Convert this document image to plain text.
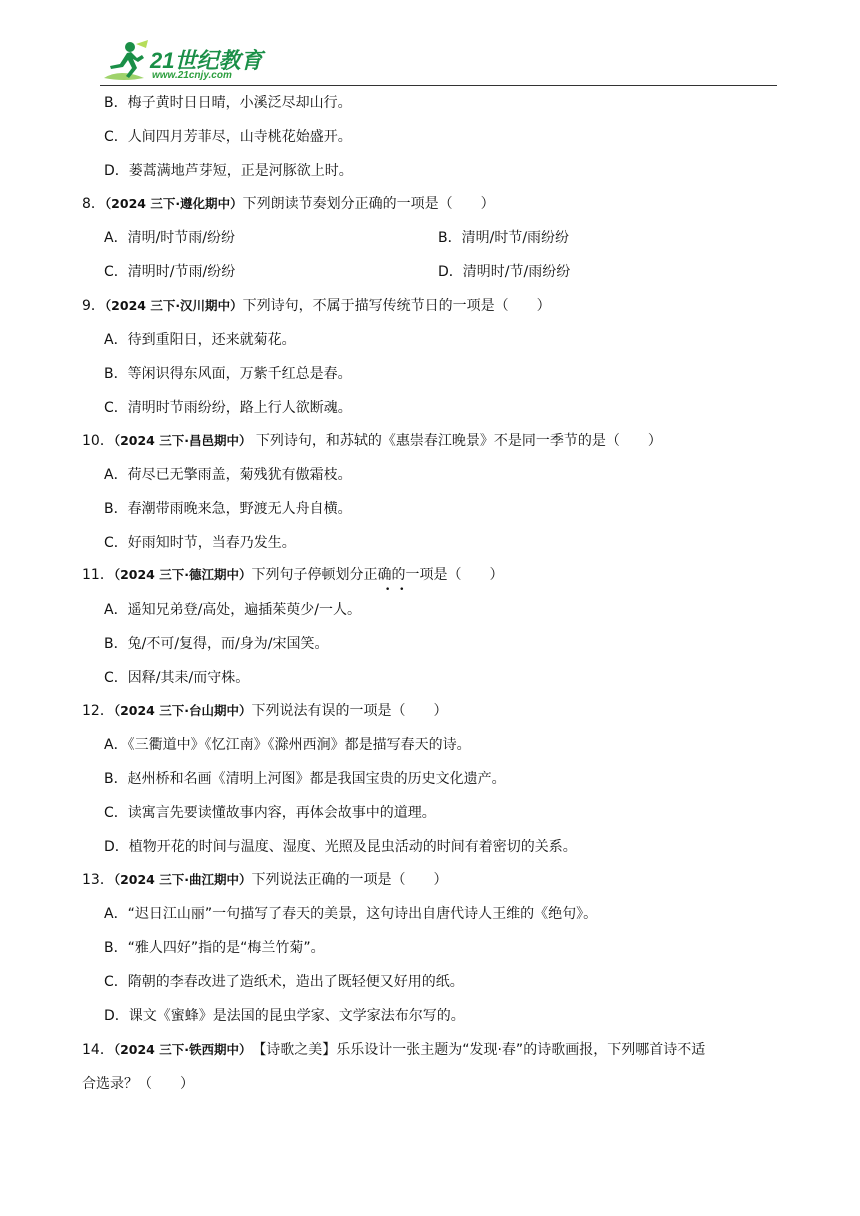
21世纪教育
www.21cnjy.com
B．梅子黄时日日晴，小溪泛尽却山行。
C．人间四月芳菲尽，山寺桃花始盛开。
D．蒌蒿满地芦芽短，正是河豚欲上时。
8．（2024 三下·遵化期中）下列朗读节奏划分正确的一项是（　　）
A．清明/时节雨/纷纷	B．清明/时节/雨纷纷
C．清明时/节雨/纷纷	D．清明时/节/雨纷纷
9．（2024 三下·汉川期中）下列诗句，不属于描写传统节日的一项是（　　）
A．待到重阳日，还来就菊花。
B．等闲识得东风面，万紫千红总是春。
C．清明时节雨纷纷，路上行人欲断魂。
10．（2024 三下·昌邑期中） 下列诗句，和苏轼的《惠崇春江晚景》不是同一季节的是（　　）
A．荷尽已无擎雨盖，菊残犹有傲霜枝。
B．春潮带雨晚来急，野渡无人舟自横。
C．好雨知时节，当春乃发生。
11．（2024 三下·德江期中）下列句子停顿划分正确的一项是（　　）
• •
A．遥知兄弟登/高处，遍插茱萸少/一人。
B．兔/不可/复得，而/身为/宋国笑。
C．因释/其耒/而守株。
12．（2024 三下·台山期中）下列说法有误的一项是（　　）
A．《三衢道中》《忆江南》《滁州西涧》都是描写春天的诗。
B．赵州桥和名画《清明上河图》都是我国宝贵的历史文化遗产。
C．读寓言先要读懂故事内容，再体会故事中的道理。
D．植物开花的时间与温度、湿度、光照及昆虫活动的时间有着密切的关系。
13．（2024 三下·曲江期中）下列说法正确的一项是（　　）
A．“迟日江山丽”一句描写了春天的美景，这句诗出自唐代诗人王维的《绝句》。
B．“雅人四好”指的是“梅兰竹菊”。
C．隋朝的李春改进了造纸术，造出了既轻便又好用的纸。
D．课文《蜜蜂》是法国的昆虫学家、文学家法布尔写的。
14．（2024 三下·铁西期中）　【诗歌之美】乐乐设计一张主题为“发现·春”的诗歌画报，下列哪首诗不适
合选录？（　　）
